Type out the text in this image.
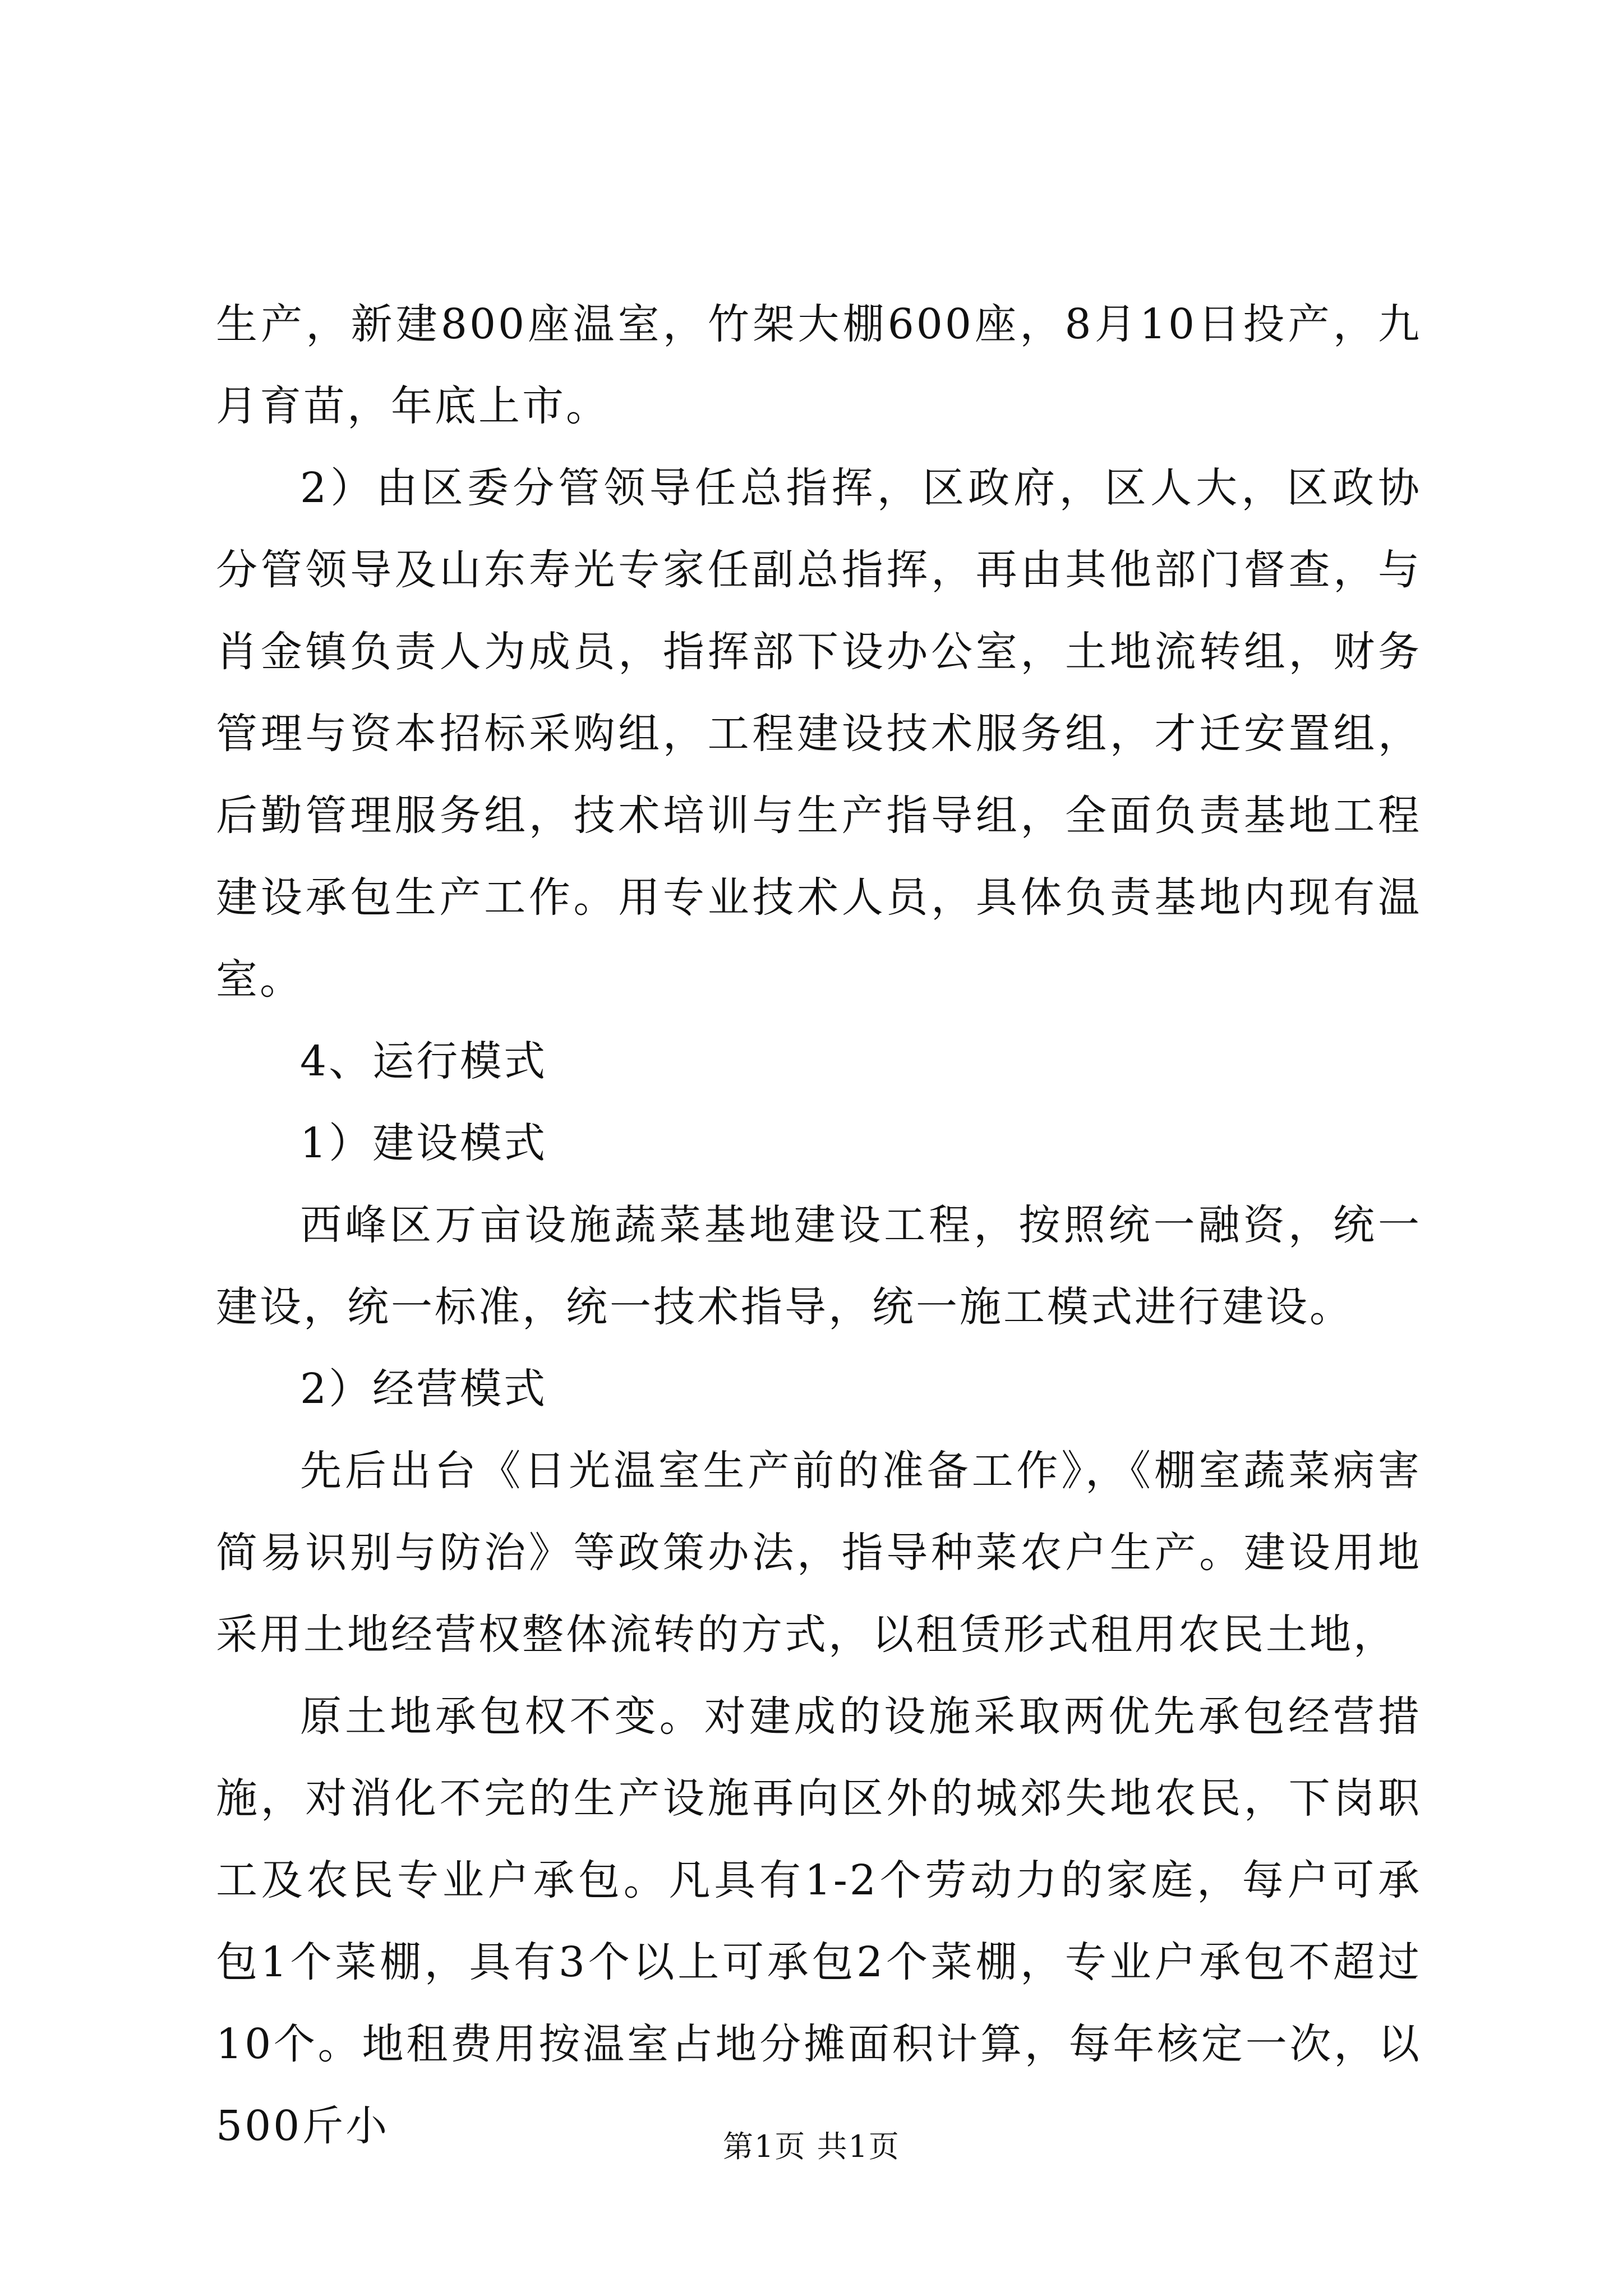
生产，新建800座温室，竹架大棚600座，8月10日投产，九月育苗，年底上市。

2）由区委分管领导任总指挥，区政府，区人大，区政协分管领导及山东寿光专家任副总指挥，再由其他部门督查，与肖金镇负责人为成员，指挥部下设办公室，土地流转组，财务管理与资本招标采购组，工程建设技术服务组，才迁安置组，后勤管理服务组，技术培训与生产指导组，全面负责基地工程建设承包生产工作。用专业技术人员，具体负责基地内现有温室。

4、运行模式

1）建设模式

西峰区万亩设施蔬菜基地建设工程，按照统一融资，统一建设，统一标准，统一技术指导，统一施工模式进行建设。

2）经营模式

先后出台《日光温室生产前的准备工作》，《棚室蔬菜病害简易识别与防治》等政策办法，指导种菜农户生产。建设用地采用土地经营权整体流转的方式，以租赁形式租用农民土地，

原土地承包权不变。对建成的设施采取两优先承包经营措施，对消化不完的生产设施再向区外的城郊失地农民，下岗职工及农民专业户承包。凡具有1-2个劳动力的家庭，每户可承包1个菜棚，具有3个以上可承包2个菜棚，专业户承包不超过10个。地租费用按温室占地分摊面积计算，每年核定一次，以500斤小	第1页 共1页
